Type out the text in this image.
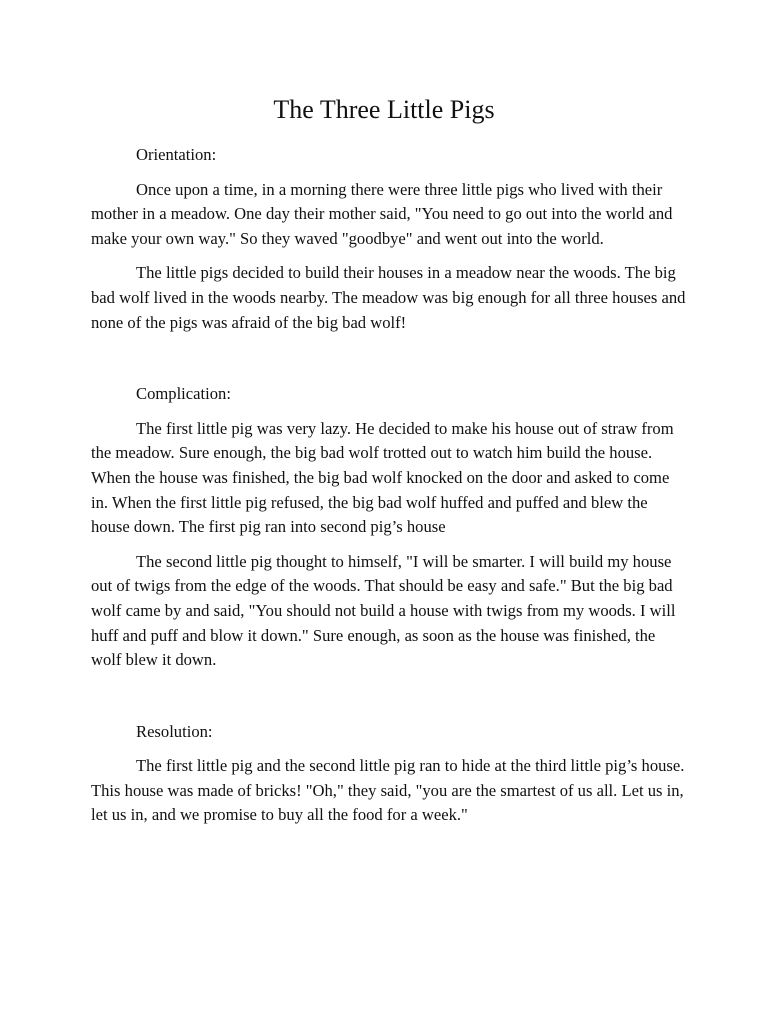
The Three Little Pigs

Orientation:

Once upon a time, in a morning there were three little pigs who lived with their mother in a meadow. One day their mother said, "You need to go out into the world and make your own way." So they waved "goodbye" and went out into the world.

The little pigs decided to build their houses in a meadow near the woods. The big bad wolf lived in the woods nearby. The meadow was big enough for all three houses and none of the pigs was afraid of the big bad wolf!

Complication:

The first little pig was very lazy. He decided to make his house out of straw from the meadow. Sure enough, the big bad wolf trotted out to watch him build the house. When the house was finished, the big bad wolf knocked on the door and asked to come in. When the first little pig refused, the big bad wolf huffed and puffed and blew the house down. The first pig ran into second pig’s house

The second little pig thought to himself, "I will be smarter. I will build my house out of twigs from the edge of the woods. That should be easy and safe." But the big bad wolf came by and said, "You should not build a house with twigs from my woods. I will huff and puff and blow it down." Sure enough, as soon as the house was finished, the wolf blew it down.

Resolution:

The first little pig and the second little pig ran to hide at the third little pig’s house. This house was made of bricks! "Oh," they said, "you are the smartest of us all. Let us in, let us in, and we promise to buy all the food for a week."
